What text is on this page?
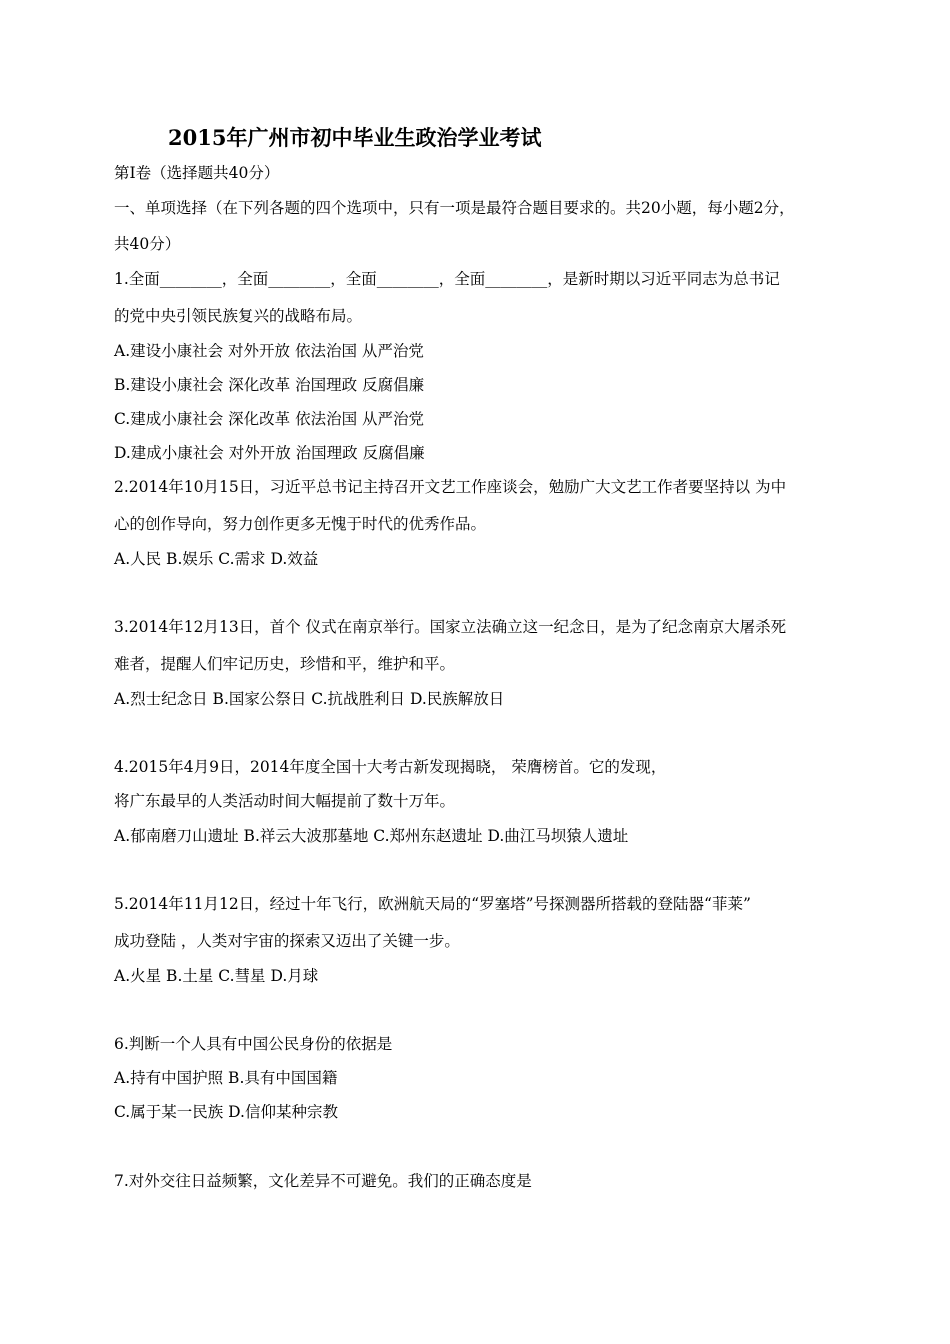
2015年广州市初中毕业生政治学业考试
第Ⅰ卷（选择题共40分）
一、单项选择（在下列各题的四个选项中，只有一项是最符合题目要求的。共20小题，每小题2分，
共40分）
1.全面________，全面________，全面________，全面________，是新时期以习近平同志为总书记
的党中央引领民族复兴的战略布局。
A.建设小康社会 对外开放 依法治国 从严治党
B.建设小康社会 深化改革 治国理政 反腐倡廉
C.建成小康社会 深化改革 依法治国 从严治党
D.建成小康社会 对外开放 治国理政 反腐倡廉
2.2014年10月15日，习近平总书记主持召开文艺工作座谈会，勉励广大文艺工作者要坚持以 为中
心的创作导向，努力创作更多无愧于时代的优秀作品。
A.人民 B.娱乐 C.需求 D.效益
3.2014年12月13日，首个 仪式在南京举行。国家立法确立这一纪念日，是为了纪念南京大屠杀死
难者，提醒人们牢记历史，珍惜和平，维护和平。
A.烈士纪念日 B.国家公祭日 C.抗战胜利日 D.民族解放日
4.2015年4月9日，2014年度全国十大考古新发现揭晓， 荣膺榜首。它的发现，
将广东最早的人类活动时间大幅提前了数十万年。
A.郁南磨刀山遗址 B.祥云大波那墓地 C.郑州东赵遗址 D.曲江马坝猿人遗址
5.2014年11月12日，经过十年飞行，欧洲航天局的“罗塞塔”号探测器所搭载的登陆器“菲莱”
成功登陆 ，人类对宇宙的探索又迈出了关键一步。
A.火星 B.土星 C.彗星 D.月球
6.判断一个人具有中国公民身份的依据是
A.持有中国护照 B.具有中国国籍
C.属于某一民族 D.信仰某种宗教
7.对外交往日益频繁，文化差异不可避免。我们的正确态度是
